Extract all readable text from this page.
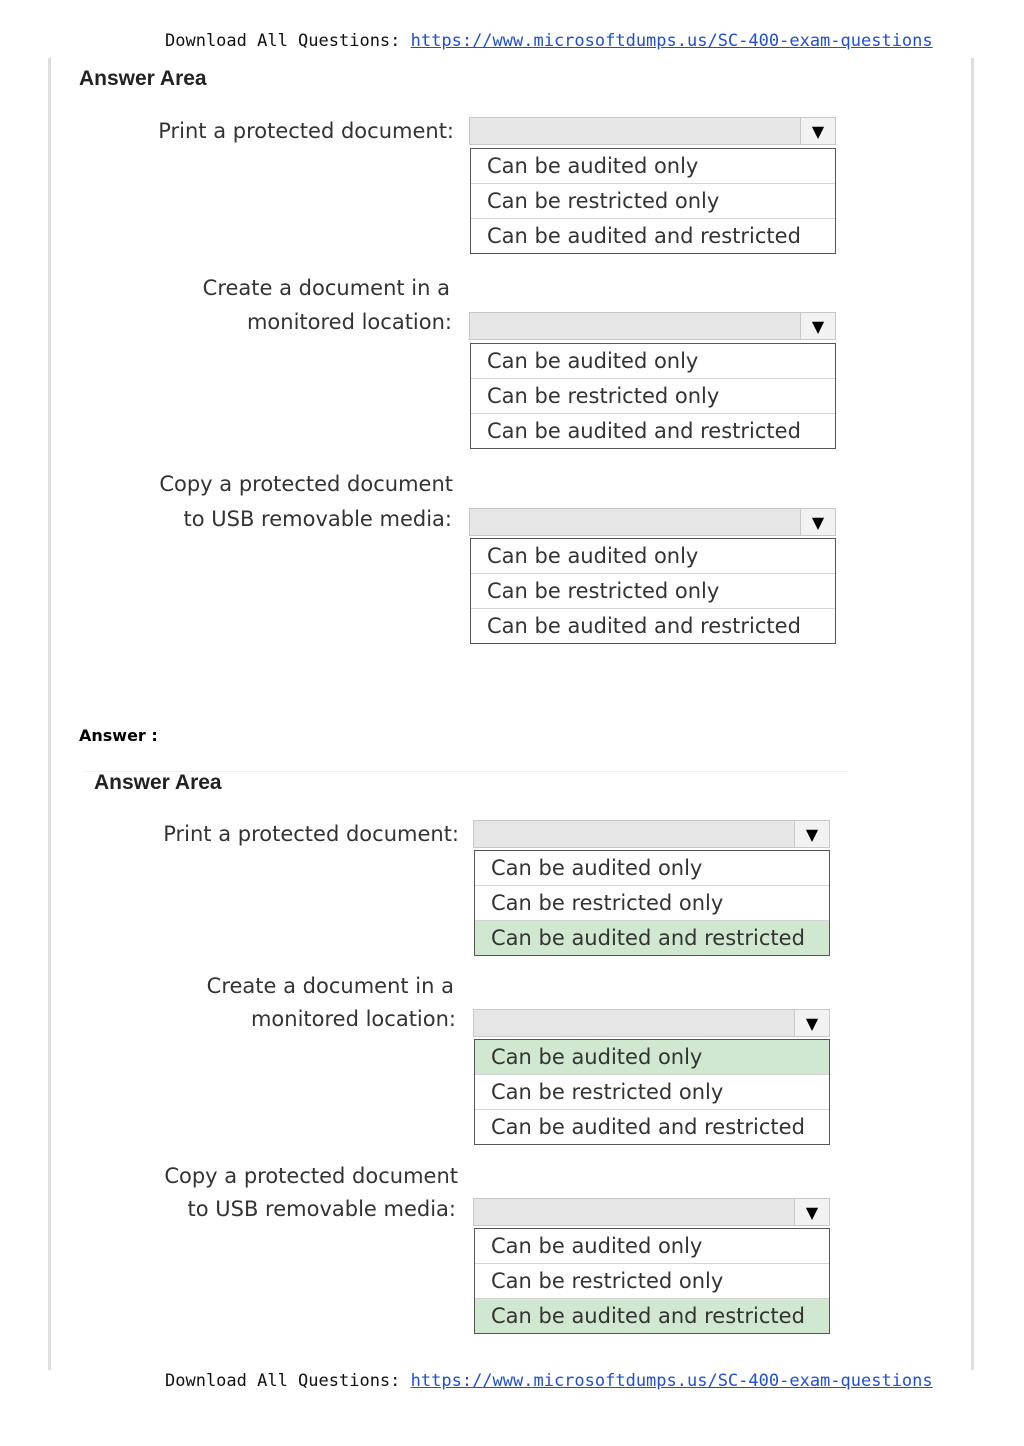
Download All Questions: https://www.microsoftdumps.us/SC-400-exam-questions
Answer Area
Print a protected document:	▼
Can be audited only
Can be restricted only
Can be audited and restricted
Create a document in a
monitored location:	▼
Can be audited only
Can be restricted only
Can be audited and restricted
Copy a protected document
to USB removable media:	▼
Can be audited only
Can be restricted only
Can be audited and restricted
Answer :
Answer Area
Print a protected document:	▼
Can be audited only
Can be restricted only
Can be audited and restricted
Create a document in a
monitored location:	▼
Can be audited only
Can be restricted only
Can be audited and restricted
Copy a protected document
to USB removable media:	▼
Can be audited only
Can be restricted only
Can be audited and restricted
Download All Questions: https://www.microsoftdumps.us/SC-400-exam-questions
